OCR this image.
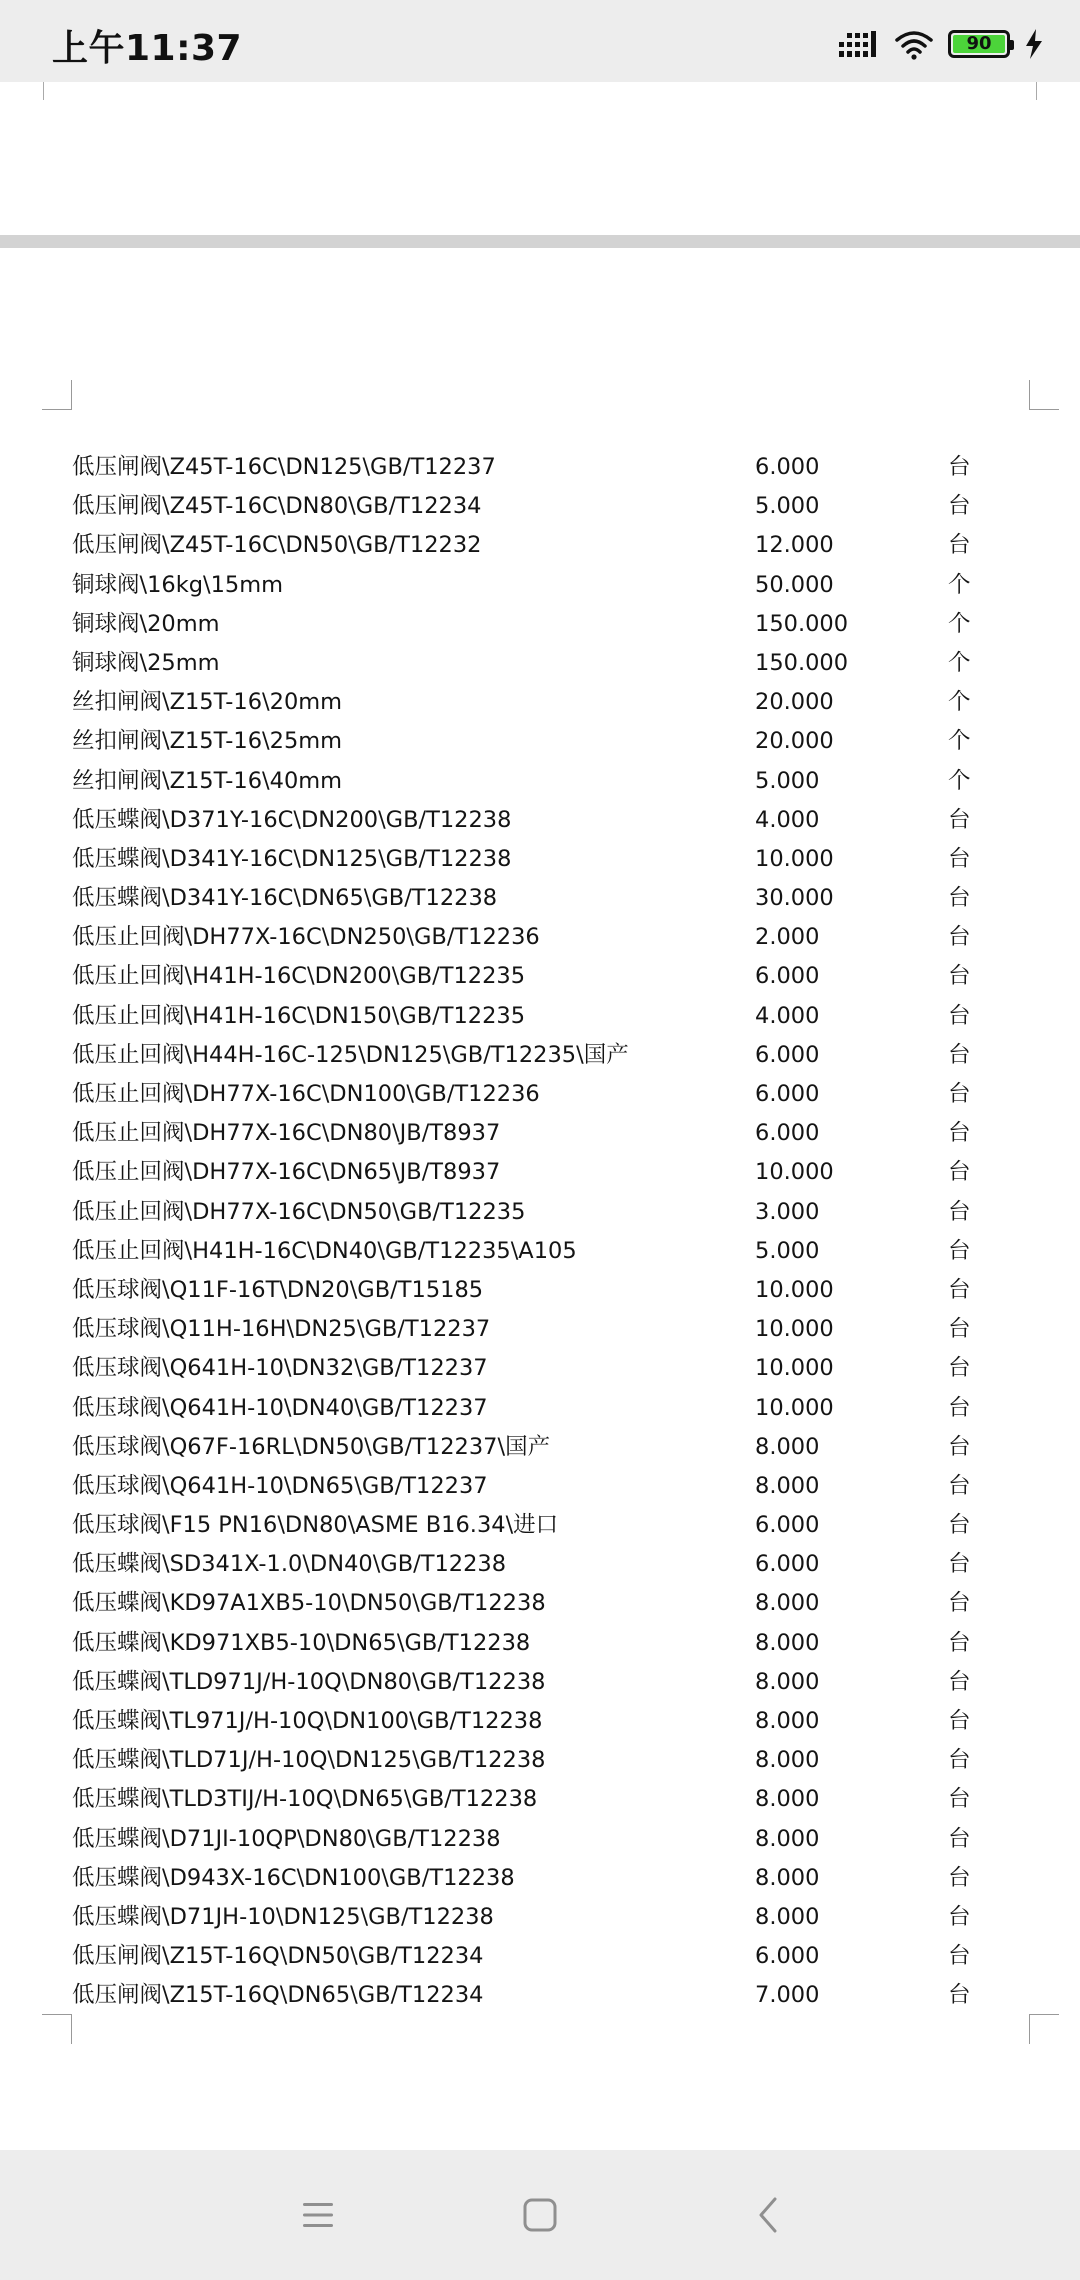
上午11:37	90
低压闸阀\Z45T-16C\DN125\GB/T12237	6.000	台
低压闸阀\Z45T-16C\DN80\GB/T12234	5.000	台
低压闸阀\Z45T-16C\DN50\GB/T12232	12.000	台
铜球阀\16kg\15mm	50.000	个
铜球阀\20mm	150.000	个
铜球阀\25mm	150.000	个
丝扣闸阀\Z15T-16\20mm	20.000	个
丝扣闸阀\Z15T-16\25mm	20.000	个
丝扣闸阀\Z15T-16\40mm	5.000	个
低压蝶阀\D371Y-16C\DN200\GB/T12238	4.000	台
低压蝶阀\D341Y-16C\DN125\GB/T12238	10.000	台
低压蝶阀\D341Y-16C\DN65\GB/T12238	30.000	台
低压止回阀\DH77X-16C\DN250\GB/T12236	2.000	台
低压止回阀\H41H-16C\DN200\GB/T12235	6.000	台
低压止回阀\H41H-16C\DN150\GB/T12235	4.000	台
低压止回阀\H44H-16C-125\DN125\GB/T12235\国产	6.000	台
低压止回阀\DH77X-16C\DN100\GB/T12236	6.000	台
低压止回阀\DH77X-16C\DN80\JB/T8937	6.000	台
低压止回阀\DH77X-16C\DN65\JB/T8937	10.000	台
低压止回阀\DH77X-16C\DN50\GB/T12235	3.000	台
低压止回阀\H41H-16C\DN40\GB/T12235\A105	5.000	台
低压球阀\Q11F-16T\DN20\GB/T15185	10.000	台
低压球阀\Q11H-16H\DN25\GB/T12237	10.000	台
低压球阀\Q641H-10\DN32\GB/T12237	10.000	台
低压球阀\Q641H-10\DN40\GB/T12237	10.000	台
低压球阀\Q67F-16RL\DN50\GB/T12237\国产	8.000	台
低压球阀\Q641H-10\DN65\GB/T12237	8.000	台
低压球阀\F15 PN16\DN80\ASME B16.34\进口	6.000	台
低压蝶阀\SD341X-1.0\DN40\GB/T12238	6.000	台
低压蝶阀\KD97A1XB5-10\DN50\GB/T12238	8.000	台
低压蝶阀\KD971XB5-10\DN65\GB/T12238	8.000	台
低压蝶阀\TLD971J/H-10Q\DN80\GB/T12238	8.000	台
低压蝶阀\TL971J/H-10Q\DN100\GB/T12238	8.000	台
低压蝶阀\TLD71J/H-10Q\DN125\GB/T12238	8.000	台
低压蝶阀\TLD3TIJ/H-10Q\DN65\GB/T12238	8.000	台
低压蝶阀\D71JI-10QP\DN80\GB/T12238	8.000	台
低压蝶阀\D943X-16C\DN100\GB/T12238	8.000	台
低压蝶阀\D71JH-10\DN125\GB/T12238	8.000	台
低压闸阀\Z15T-16Q\DN50\GB/T12234	6.000	台
低压闸阀\Z15T-16Q\DN65\GB/T12234	7.000	台
